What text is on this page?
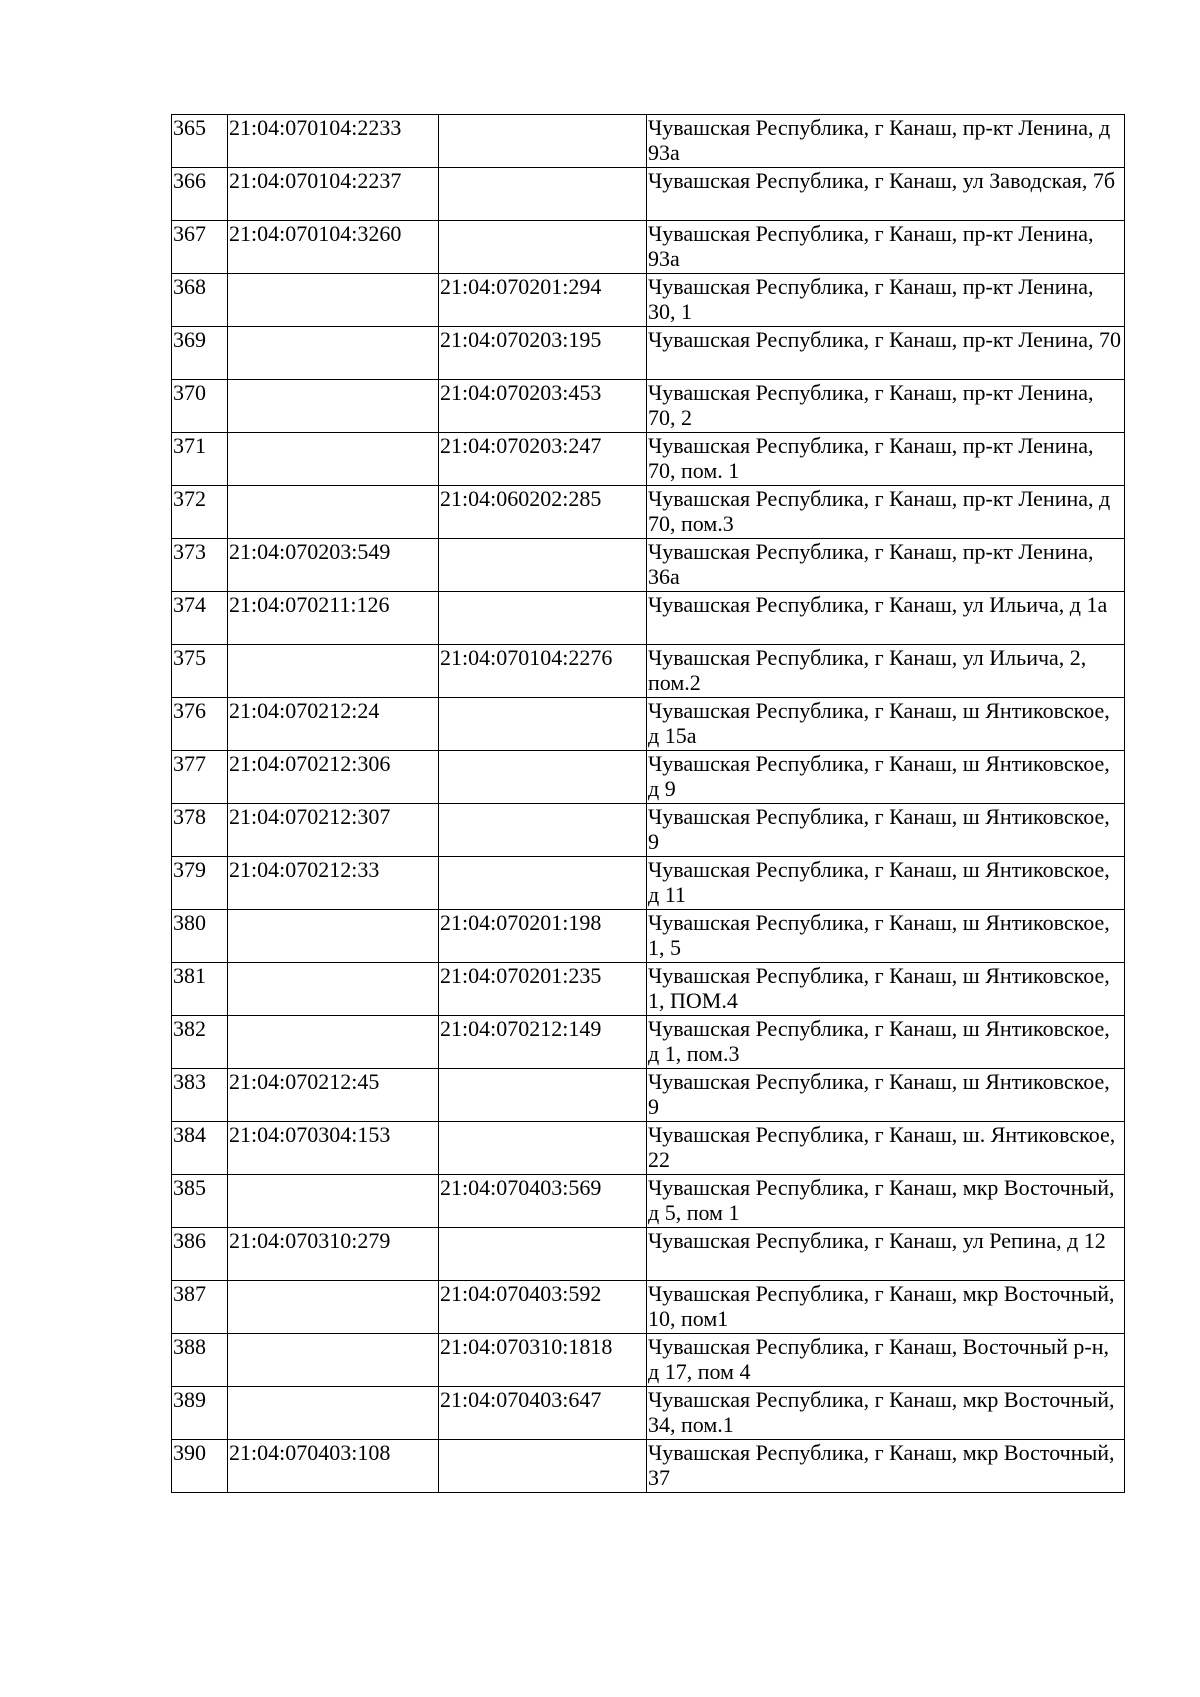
365	21:04:070104:2233		Чувашская Республика, г Канаш, пр-кт Ленина, д 93а
366	21:04:070104:2237		Чувашская Республика, г Канаш, ул Заводская, 7б
367	21:04:070104:3260		Чувашская Республика, г Канаш, пр-кт Ленина, 93а
368		21:04:070201:294	Чувашская Республика, г Канаш, пр-кт Ленина, 30, 1
369		21:04:070203:195	Чувашская Республика, г Канаш, пр-кт Ленина, 70
370		21:04:070203:453	Чувашская Республика, г Канаш, пр-кт Ленина, 70, 2
371		21:04:070203:247	Чувашская Республика, г Канаш, пр-кт Ленина, 70, пом. 1
372		21:04:060202:285	Чувашская Республика, г Канаш, пр-кт Ленина, д 70, пом.3
373	21:04:070203:549		Чувашская Республика, г Канаш, пр-кт Ленина, 36а
374	21:04:070211:126		Чувашская Республика, г Канаш, ул Ильича, д 1а
375		21:04:070104:2276	Чувашская Республика, г Канаш, ул Ильича, 2, пом.2
376	21:04:070212:24		Чувашская Республика, г Канаш, ш Янтиковское, д 15а
377	21:04:070212:306		Чувашская Республика, г Канаш, ш Янтиковское, д 9
378	21:04:070212:307		Чувашская Республика, г Канаш, ш Янтиковское, 9
379	21:04:070212:33		Чувашская Республика, г Канаш, ш Янтиковское, д 11
380		21:04:070201:198	Чувашская Республика, г Канаш, ш Янтиковское, 1, 5
381		21:04:070201:235	Чувашская Республика, г Канаш, ш Янтиковское, 1, ПОМ.4
382		21:04:070212:149	Чувашская Республика, г Канаш, ш Янтиковское, д 1, пом.3
383	21:04:070212:45		Чувашская Республика, г Канаш, ш Янтиковское, 9
384	21:04:070304:153		Чувашская Республика, г Канаш, ш. Янтиковское, 22
385		21:04:070403:569	Чувашская Республика, г Канаш, мкр Восточный, д 5, пом 1
386	21:04:070310:279		Чувашская Республика, г Канаш, ул Репина, д 12
387		21:04:070403:592	Чувашская Республика, г Канаш, мкр Восточный, 10, пом1
388		21:04:070310:1818	Чувашская Республика, г Канаш, Восточный р-н, д 17, пом 4
389		21:04:070403:647	Чувашская Республика, г Канаш, мкр Восточный, 34, пом.1
390	21:04:070403:108		Чувашская Республика, г Канаш, мкр Восточный, 37
